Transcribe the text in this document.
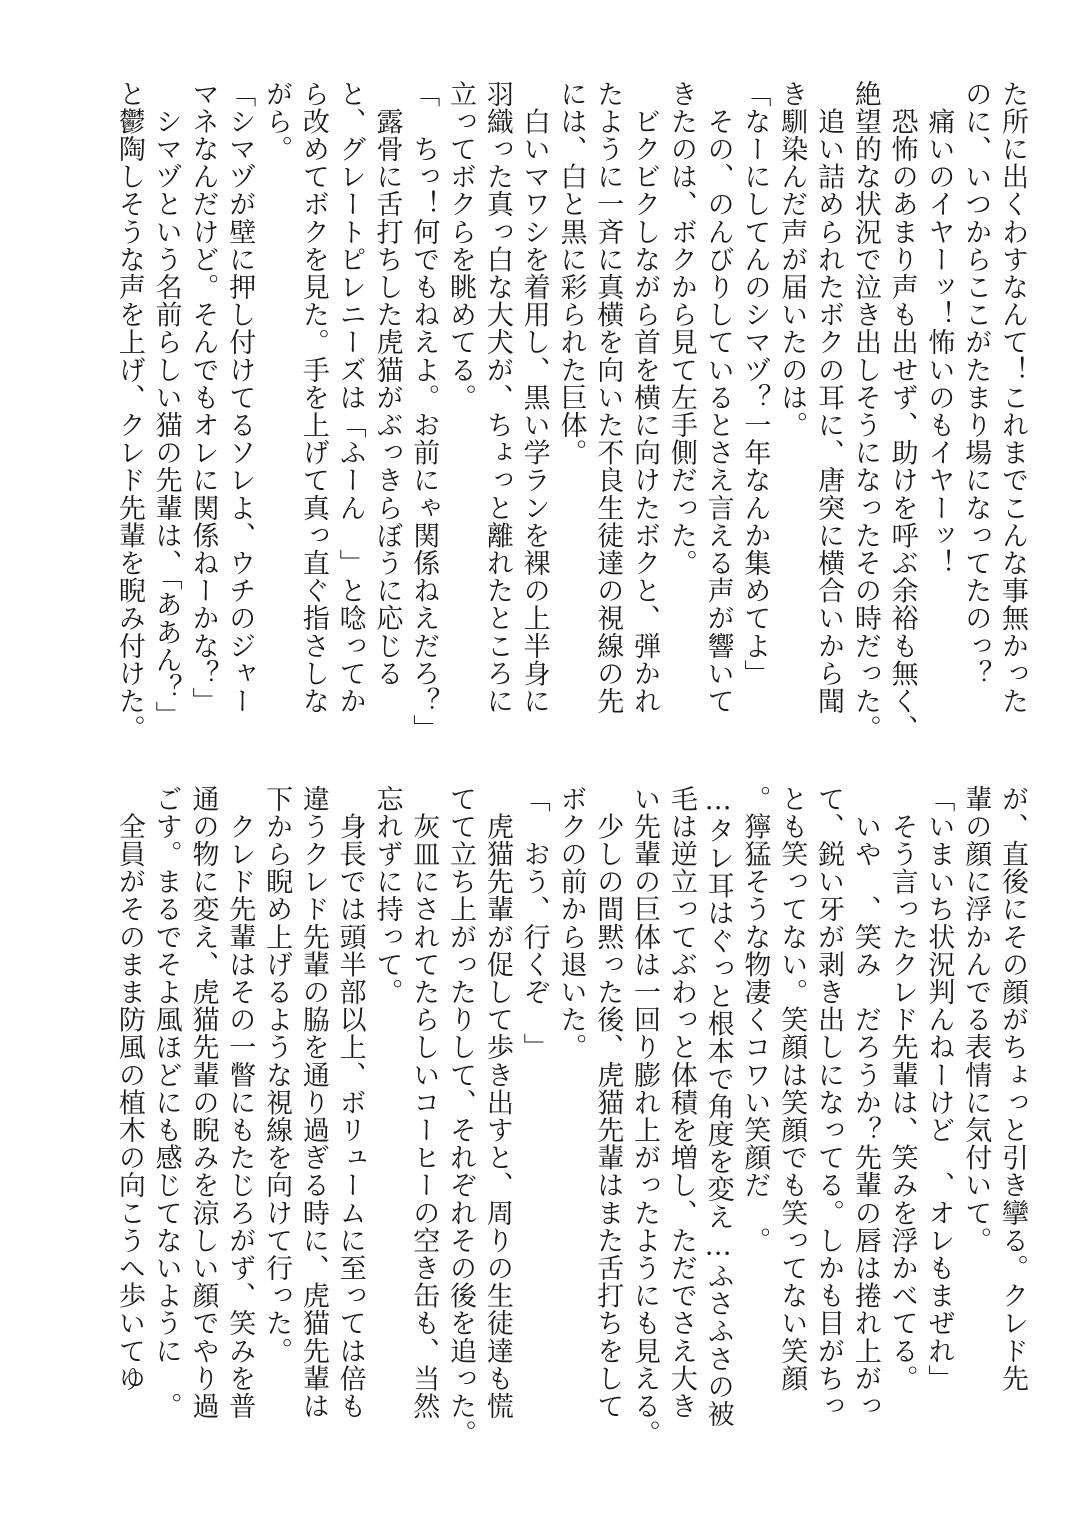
た所に出くわすなんて！これまでこんな事無かった
のに、いつからここがたまり場になってたのっ？
　痛いのイヤーッ！怖いのもイヤーッ！
　恐怖のあまり声も出せず、助けを呼ぶ余裕も無く、
絶望的な状況で泣き出しそうになったその時だった。
　追い詰められたボクの耳に、唐突に横合いから聞
き馴染んだ声が届いたのは。
「なーにしてんのシマヅ？一年なんか集めてよ」
　その、のんびりしているとさえ言える声が響いて
きたのは、ボクから見て左手側だった。
　ビクビクしながら首を横に向けたボクと、弾かれ
たように一斉に真横を向いた不良生徒達の視線の先
には、白と黒に彩られた巨体。
　白いマワシを着用し、黒い学ランを裸の上半身に
羽織った真っ白な大犬が、ちょっと離れたところに
立ってボクらを眺めてる。
「　ちっ！何でもねえよ。お前にゃ関係ねえだろ？」
　露骨に舌打ちした虎猫がぶっきらぼうに応じる
と、グレートピレニーズは「ふーん　」と唸ってか
ら改めてボクを見た。手を上げて真っ直ぐ指さしな
がら。
「シマヅが壁に押し付けてるソレよ、ウチのジャー
マネなんだけど。そんでもオレに関係ねーかな？」
　シマヅという名前らしい猫の先輩は、「ああん？」
と鬱陶しそうな声を上げ、クレド先輩を睨み付けた。
が、直後にその顔がちょっと引き攣る。クレド先
輩の顔に浮かんでる表情に気付いて。
「いまいち状況判んねーけど　、オレもまぜれ」
　そう言ったクレド先輩は、笑みを浮かべてる。
　いや　、笑み　だろうか？先輩の唇は捲れ上がっ
て、鋭い牙が剥き出しになってる。しかも目がちっ
とも笑ってない。笑顔は笑顔でも笑ってない笑顔
。獰猛そうな物凄くコワい笑顔だ　。
…タレ耳はぐっと根本で角度を変え…ふさふさの被
毛は逆立ってぶわっと体積を増し、ただでさえ大き
い先輩の巨体は一回り膨れ上がったようにも見える。
　少しの間黙った後、虎猫先輩はまた舌打ちをして
ボクの前から退いた。
「　おう、行くぞ　」
　虎猫先輩が促して歩き出すと、周りの生徒達も慌
てて立ち上がったりして、それぞれその後を追った。
　灰皿にされてたらしいコーヒーの空き缶も、当然
忘れずに持って。
　身長では頭半部以上、ボリュームに至っては倍も
違うクレド先輩の脇を通り過ぎる時に、虎猫先輩は
下から睨め上げるような視線を向けて行った。
　クレド先輩はその一瞥にもたじろがず、笑みを普
通の物に変え、虎猫先輩の睨みを涼しい顔でやり過
ごす。まるでそよ風ほどにも感じてないように　。
　全員がそのまま防風の植木の向こうへ歩いてゆ
